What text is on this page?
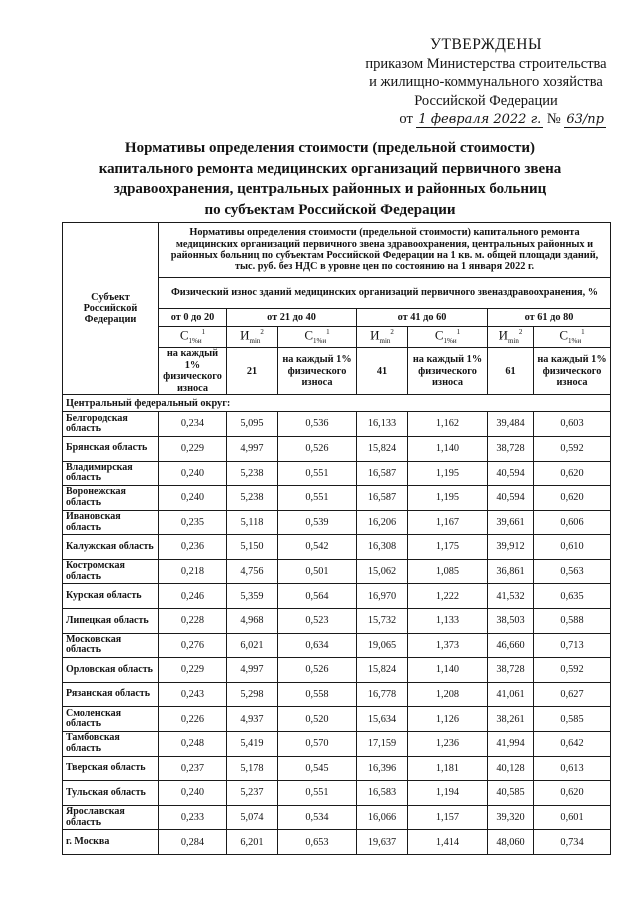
УТВЕРЖДЕНЫ
приказом Министерства строительства
и жилищно-коммунального хозяйства
Российской Федерации
от 1 февраля 2022 г. № 63/пр
Нормативы определения стоимости (предельной стоимости)
капитального ремонта медицинских организаций первичного звена
здравоохранения, центральных районных и районных больниц
по субъектам Российской Федерации
Субъект Российской Федерации	Нормативы определения стоимости (предельной стоимости) капитального ремонта медицинских организаций первичного звена здравоохранения, центральных районных и районных больниц по субъектам Российской Федерации на 1 кв. м. общей площади зданий, тыс. руб. без НДС в уровне цен по состоянию на 1 января 2022 г.						
	Физический износ зданий медицинских организаций первичного звеназдравоохранения, %						
	от 0 до 20	от 21 до 40		от 41 до 60		от 61 до 80	
	$C_{1\%и}^1$	$И_{min}^2$	$C_{1\%и}^1$	$И_{min}^2$	$C_{1\%и}^1$	$И_{min}^2$	$C_{1\%и}^1$
	на каждый 1% физического износа	21	на каждый 1% физического износа	41	на каждый 1% физического износа	61	на каждый 1% физического износа
Центральный федеральный округ:							
Белгородская область	0,234	5,095	0,536	16,133	1,162	39,484	0,603
Брянская область	0,229	4,997	0,526	15,824	1,140	38,728	0,592
Владимирская область	0,240	5,238	0,551	16,587	1,195	40,594	0,620
Воронежская область	0,240	5,238	0,551	16,587	1,195	40,594	0,620
Ивановская область	0,235	5,118	0,539	16,206	1,167	39,661	0,606
Калужская область	0,236	5,150	0,542	16,308	1,175	39,912	0,610
Костромская область	0,218	4,756	0,501	15,062	1,085	36,861	0,563
Курская область	0,246	5,359	0,564	16,970	1,222	41,532	0,635
Липецкая область	0,228	4,968	0,523	15,732	1,133	38,503	0,588
Московская область	0,276	6,021	0,634	19,065	1,373	46,660	0,713
Орловская область	0,229	4,997	0,526	15,824	1,140	38,728	0,592
Рязанская область	0,243	5,298	0,558	16,778	1,208	41,061	0,627
Смоленская область	0,226	4,937	0,520	15,634	1,126	38,261	0,585
Тамбовская область	0,248	5,419	0,570	17,159	1,236	41,994	0,642
Тверская область	0,237	5,178	0,545	16,396	1,181	40,128	0,613
Тульская область	0,240	5,237	0,551	16,583	1,194	40,585	0,620
Ярославская область	0,233	5,074	0,534	16,066	1,157	39,320	0,601
г. Москва	0,284	6,201	0,653	19,637	1,414	48,060	0,734
